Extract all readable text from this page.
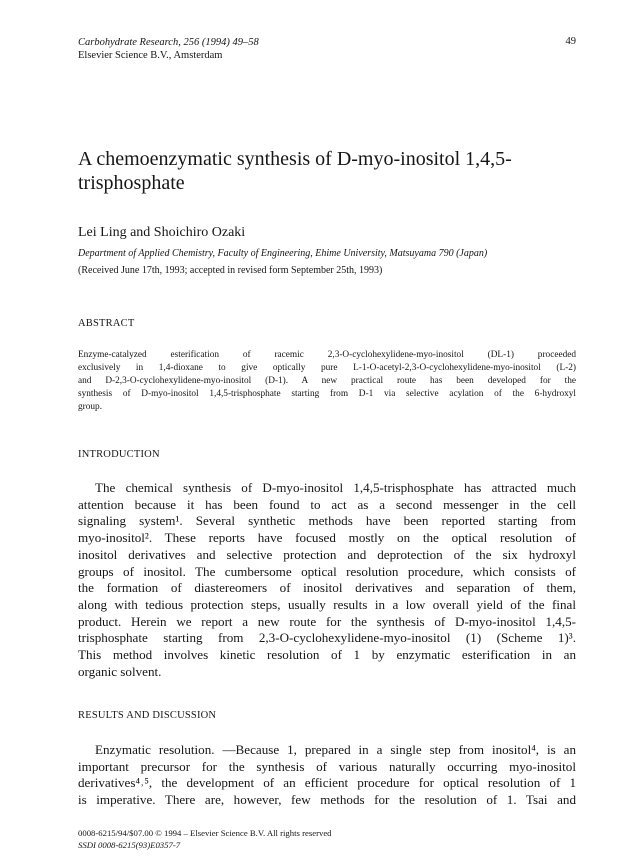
Carbohydrate Research, 256 (1994) 49–58
Elsevier Science B.V., Amsterdam
49
A chemoenzymatic synthesis of D-myo-inositol 1,4,5-trisphosphate
Lei Ling and Shoichiro Ozaki
Department of Applied Chemistry, Faculty of Engineering, Ehime University, Matsuyama 790 (Japan)
(Received June 17th, 1993; accepted in revised form September 25th, 1993)
ABSTRACT
Enzyme-catalyzed esterification of racemic 2,3-O-cyclohexylidene-myo-inositol (DL-1) proceeded
exclusively in 1,4-dioxane to give optically pure L-1-O-acetyl-2,3-O-cyclohexylidene-myo-inositol (L-2)
and D-2,3-O-cyclohexylidene-myo-inositol (D-1). A new practical route has been developed for the
synthesis of D-myo-inositol 1,4,5-trisphosphate starting from D-1 via selective acylation of the 6-hydroxyl
group.
INTRODUCTION
The chemical synthesis of D-myo-inositol 1,4,5-trisphosphate has attracted much
attention because it has been found to act as a second messenger in the cell
signaling system¹. Several synthetic methods have been reported starting from
myo-inositol². These reports have focused mostly on the optical resolution of
inositol derivatives and selective protection and deprotection of the six hydroxyl
groups of inositol. The cumbersome optical resolution procedure, which consists of
the formation of diastereomers of inositol derivatives and separation of them,
along with tedious protection steps, usually results in a low overall yield of the final
product. Herein we report a new route for the synthesis of D-myo-inositol 1,4,5-
trisphosphate starting from 2,3-O-cyclohexylidene-myo-inositol (1) (Scheme 1)³.
This method involves kinetic resolution of 1 by enzymatic esterification in an
organic solvent.
RESULTS AND DISCUSSION
Enzymatic resolution. —Because 1, prepared in a single step from inositol⁴, is an
important precursor for the synthesis of various naturally occurring myo-inositol
derivatives⁴˒⁵, the development of an efficient procedure for optical resolution of 1
is imperative. There are, however, few methods for the resolution of 1. Tsai and
0008-6215/94/$07.00 © 1994 – Elsevier Science B.V. All rights reserved
SSDI 0008-6215(93)E0357-7
